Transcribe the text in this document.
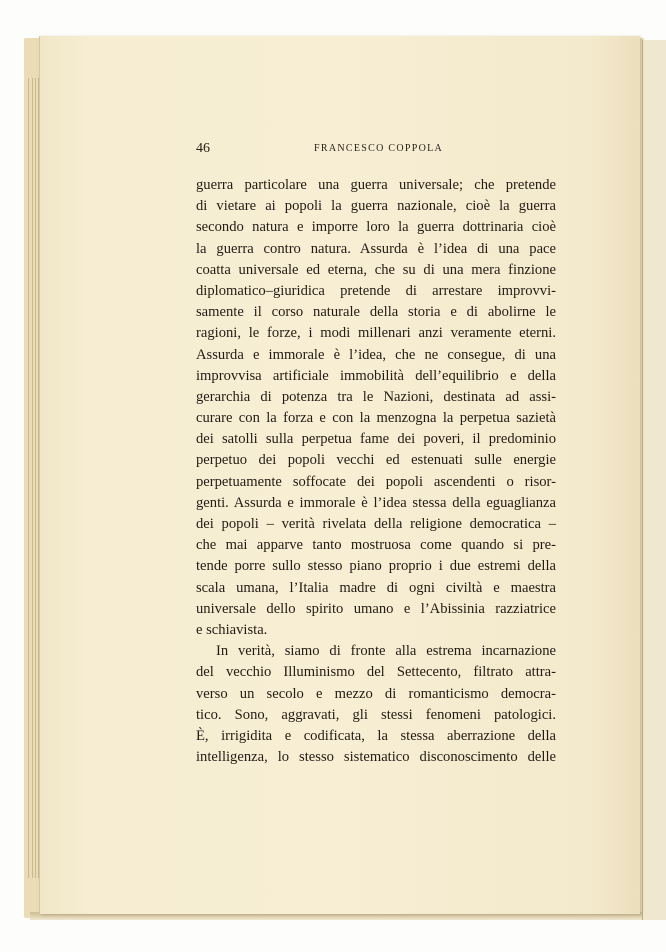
46	FRANCESCO COPPOLA
guerra particolare una guerra universale; che pretende
di vietare ai popoli la guerra nazionale, cioè la guerra
secondo natura e imporre loro la guerra dottrinaria cioè
la guerra contro natura. Assurda è l’idea di una pace
coatta universale ed eterna, che su di una mera finzione
diplomatico–giuridica pretende di arrestare improvvi-
samente il corso naturale della storia e di abolirne le
ragioni, le forze, i modi millenari anzi veramente eterni.
Assurda e immorale è l’idea, che ne consegue, di una
improvvisa artificiale immobilità dell’equilibrio e della
gerarchia di potenza tra le Nazioni, destinata ad assi-
curare con la forza e con la menzogna la perpetua sazietà
dei satolli sulla perpetua fame dei poveri, il predominio
perpetuo dei popoli vecchi ed estenuati sulle energie
perpetuamente soffocate dei popoli ascendenti o risor-
genti. Assurda e immorale è l’idea stessa della eguaglianza
dei popoli – verità rivelata della religione democratica –
che mai apparve tanto mostruosa come quando si pre-
tende porre sullo stesso piano proprio i due estremi della
scala umana, l’Italia madre di ogni civiltà e maestra
universale dello spirito umano e l’Abissinia razziatrice
e schiavista.
In verità, siamo di fronte alla estrema incarnazione
del vecchio Illuminismo del Settecento, filtrato attra-
verso un secolo e mezzo di romanticismo democra-
tico. Sono, aggravati, gli stessi fenomeni patologici.
È, irrigidita e codificata, la stessa aberrazione della
intelligenza, lo stesso sistematico disconoscimento delle
